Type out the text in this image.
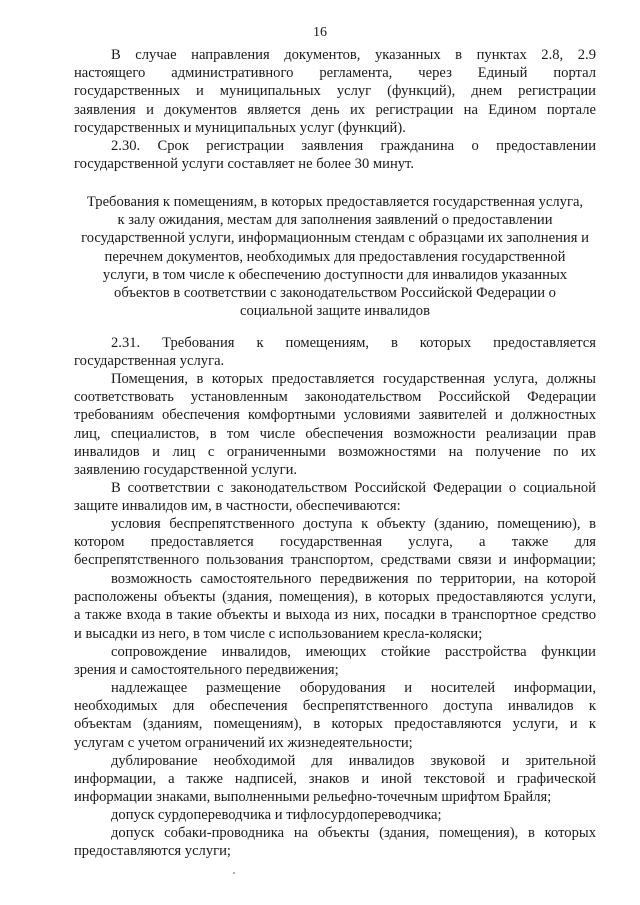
16
В случае направления документов, указанных в пунктах 2.8, 2.9
настоящего административного регламента, через Единый портал
государственных и муниципальных услуг (функций), днем регистрации
заявления и документов является день их регистрации на Едином портале
государственных и муниципальных услуг (функций).
2.30. Срок регистрации заявления гражданина о предоставлении
государственной услуги составляет не более 30 минут.
Требования к помещениям, в которых предоставляется государственная услуга,
к залу ожидания, местам для заполнения заявлений о предоставлении
государственной услуги, информационным стендам с образцами их заполнения и
перечнем документов, необходимых для предоставления государственной
услуги, в том числе к обеспечению доступности для инвалидов указанных
объектов в соответствии с законодательством Российской Федерации о
социальной защите инвалидов
2.31. Требования к помещениям, в которых предоставляется
государственная услуга.
Помещения, в которых предоставляется государственная услуга, должны
соответствовать установленным законодательством Российской Федерации
требованиям обеспечения комфортными условиями заявителей и должностных
лиц, специалистов, в том числе обеспечения возможности реализации прав
инвалидов и лиц с ограниченными возможностями на получение по их
заявлению государственной услуги.
В соответствии с законодательством Российской Федерации о социальной
защите инвалидов им, в частности, обеспечиваются:
условия беспрепятственного доступа к объекту (зданию, помещению), в
котором предоставляется государственная услуга, а также для
беспрепятственного пользования транспортом, средствами связи и информации;
возможность самостоятельного передвижения по территории, на которой
расположены объекты (здания, помещения), в которых предоставляются услуги,
а также входа в такие объекты и выхода из них, посадки в транспортное средство
и высадки из него, в том числе с использованием кресла-коляски;
сопровождение инвалидов, имеющих стойкие расстройства функции
зрения и самостоятельного передвижения;
надлежащее размещение оборудования и носителей информации,
необходимых для обеспечения беспрепятственного доступа инвалидов к
объектам (зданиям, помещениям), в которых предоставляются услуги, и к
услугам с учетом ограничений их жизнедеятельности;
дублирование необходимой для инвалидов звуковой и зрительной
информации, а также надписей, знаков и иной текстовой и графической
информации знаками, выполненными рельефно-точечным шрифтом Брайля;
допуск сурдопереводчика и тифлосурдопереводчика;
допуск собаки-проводника на объекты (здания, помещения), в которых
предоставляются услуги;
